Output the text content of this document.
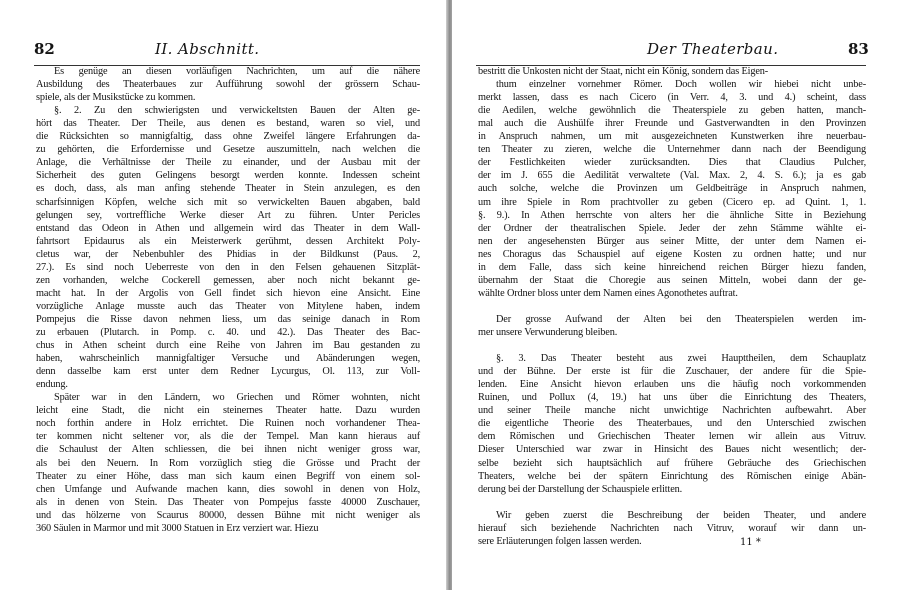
82	II. Abschnitt.
Es genüge an diesen vorläufigen Nachrichten, um auf die nähere
Ausbildung des Theaterbaues zur Aufführung sowohl der grössern Schau-
spiele, als der Musikstücke zu kommen.
§. 2. Zu den schwierigsten und verwickeltsten Bauen der Alten ge-
hört das Theater. Der Theile, aus denen es bestand, waren so viel, und
die Rücksichten so mannigfaltig, dass ohne Zweifel längere Erfahrungen da-
zu gehörten, die Erfordernisse und Gesetze auszumitteln, nach welchen die
Anlage, die Verhältnisse der Theile zu einander, und der Ausbau mit der
Sicherheit des guten Gelingens besorgt werden konnte. Indessen scheint
es doch, dass, als man anfing stehende Theater in Stein anzulegen, es den
scharfsinnigen Köpfen, welche sich mit so verwickelten Bauen abgaben, bald
gelungen sey, vortreffliche Werke dieser Art zu führen. Unter Pericles
entstand das Odeon in Athen und allgemein wird das Theater in dem Wall-
fahrtsort Epidaurus als ein Meisterwerk gerühmt, dessen Architekt Poly-
cletus war, der Nebenbuhler des Phidias in der Bildkunst (Paus. 2,
27.). Es sind noch Ueberreste von den in den Felsen gehauenen Sitzplät-
zen vorhanden, welche Cockerell gemessen, aber noch nicht bekannt ge-
macht hat. In der Argolis von Gell findet sich hievon eine Ansicht. Eine
vorzügliche Anlage musste auch das Theater von Mitylene haben, indem
Pompejus die Risse davon nehmen liess, um das seinige danach in Rom
zu erbauen (Plutarch. in Pomp. c. 40. und 42.). Das Theater des Bac-
chus in Athen scheint durch eine Reihe von Jahren im Bau gestanden zu
haben, wahrscheinlich mannigfaltiger Versuche und Abänderungen wegen,
denn dasselbe kam erst unter dem Redner Lycurgus, Ol. 113, zur Voll-
endung.
Später war in den Ländern, wo Griechen und Römer wohnten, nicht
leicht eine Stadt, die nicht ein steinernes Theater hatte. Dazu wurden
noch forthin andere in Holz errichtet. Die Ruinen noch vorhandener Thea-
ter kommen nicht seltener vor, als die der Tempel. Man kann hieraus auf
die Schaulust der Alten schliessen, die bei ihnen nicht weniger gross war,
als bei den Neuern. In Rom vorzüglich stieg die Grösse und Pracht der
Theater zu einer Höhe, dass man sich kaum einen Begriff von einem sol-
chen Umfange und Aufwande machen kann, dies sowohl in denen von Holz,
als in denen von Stein. Das Theater von Pompejus fasste 40000 Zuschauer,
und das hölzerne von Scaurus 80000, dessen Bühne mit nicht weniger als
360 Säulen in Marmor und mit 3000 Statuen in Erz verziert war. Hiezu
Der Theaterbau.	83
bestritt die Unkosten nicht der Staat, nicht ein König, sondern das Eigen-
thum einzelner vornehmer Römer. Doch wollen wir hiebei nicht unbe-
merkt lassen, dass es nach Cicero (in Verr. 4, 3. und 4.) scheint, dass
die Aedilen, welche gewöhnlich die Theaterspiele zu geben hatten, manch-
mal auch die Aushülfe ihrer Freunde und Gastverwandten in den Provinzen
in Anspruch nahmen, um mit ausgezeichneten Kunstwerken ihre neuerbau-
ten Theater zu zieren, welche die Unternehmer dann nach der Beendigung
der Festlichkeiten wieder zurücksandten. Dies that Claudius Pulcher,
der im J. 655 die Aedilität verwaltete (Val. Max. 2, 4. S. 6.); ja es gab
auch solche, welche die Provinzen um Geldbeiträge in Anspruch nahmen,
um ihre Spiele in Rom prachtvoller zu geben (Cicero ep. ad Quint. 1, 1.
§. 9.). In Athen herrschte von alters her die ähnliche Sitte in Beziehung
der Ordner der theatralischen Spiele. Jeder der zehn Stämme wählte ei-
nen der angesehensten Bürger aus seiner Mitte, der unter dem Namen ei-
nes Choragus das Schauspiel auf eigene Kosten zu ordnen hatte; und nur
in dem Falle, dass sich keine hinreichend reichen Bürger hiezu fanden,
übernahm der Staat die Choregie aus seinen Mitteln, wobei dann der ge-
wählte Ordner bloss unter dem Namen eines Agonothetes auftrat.
Der grosse Aufwand der Alten bei den Theaterspielen werden im-
mer unsere Verwunderung bleiben.
§. 3. Das Theater besteht aus zwei Haupttheilen, dem Schauplatz
und der Bühne. Der erste ist für die Zuschauer, der andere für die Spie-
lenden. Eine Ansicht hievon erlauben uns die häufig noch vorkommenden
Ruinen, und Pollux (4, 19.) hat uns über die Einrichtung des Theaters,
und seiner Theile manche nicht unwichtige Nachrichten aufbewahrt. Aber
die eigentliche Theorie des Theaterbaues, und den Unterschied zwischen
dem Römischen und Griechischen Theater lernen wir allein aus Vitruv.
Dieser Unterschied war zwar in Hinsicht des Baues nicht wesentlich; der-
selbe bezieht sich hauptsächlich auf frühere Gebräuche des Griechischen
Theaters, welche bei der spätern Einrichtung des Römischen einige Abän-
derung bei der Darstellung der Schauspiele erlitten.
Wir geben zuerst die Beschreibung der beiden Theater, und andere
hierauf sich beziehende Nachrichten nach Vitruv, worauf wir dann un-
sere Erläuterungen folgen lassen werden.	11 *
